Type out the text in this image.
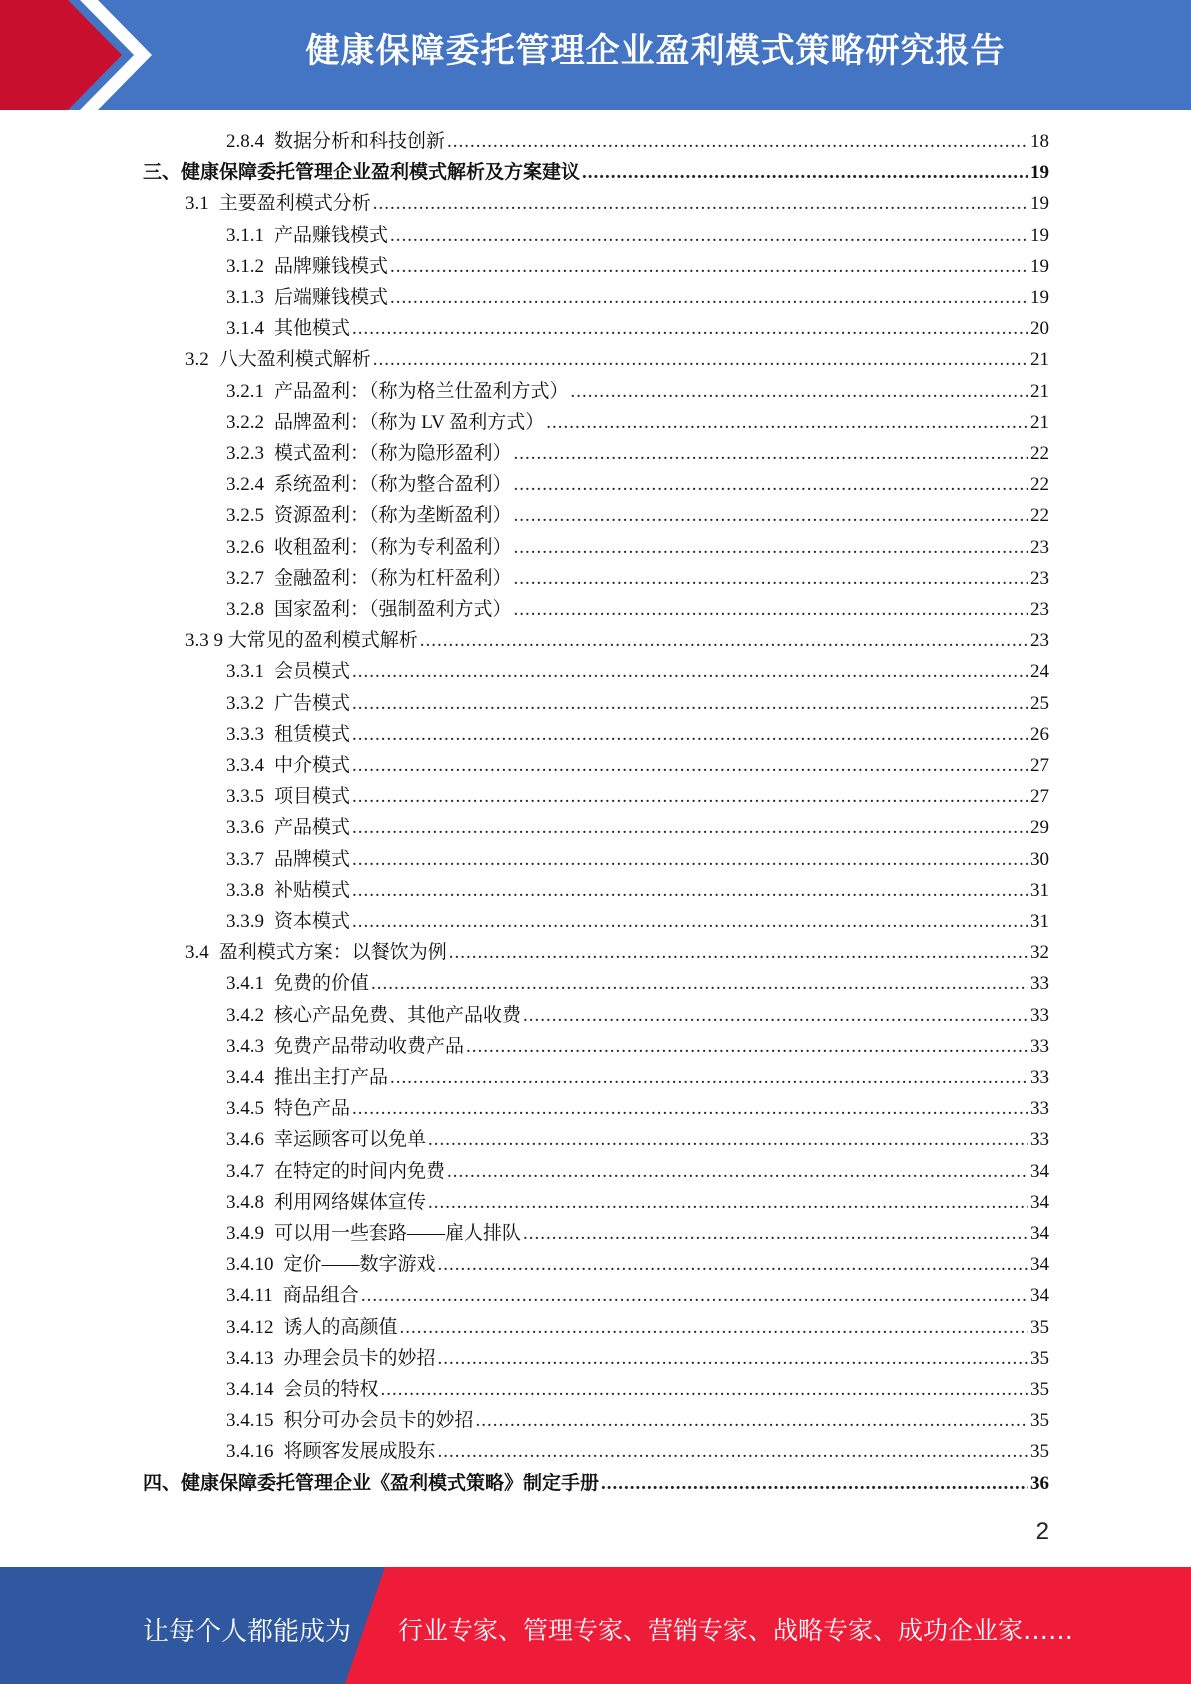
健康保障委托管理企业盈利模式策略研究报告
2.8.4 数据分析和科技创新 .....	18
三、健康保障委托管理企业盈利模式解析及方案建议 .....	19
3.1 主要盈利模式分析 .....	19
3.1.1 产品赚钱模式 .....	19
3.1.2 品牌赚钱模式 .....	19
3.1.3 后端赚钱模式 .....	19
3.1.4 其他模式 .....	20
3.2 八大盈利模式解析 .....	21
3.2.1 产品盈利：（称为格兰仕盈利方式） .....	21
3.2.2 品牌盈利：（称为 LV 盈利方式） .....	21
3.2.3 模式盈利：（称为隐形盈利） .....	22
3.2.4 系统盈利：（称为整合盈利） .....	22
3.2.5 资源盈利：（称为垄断盈利） .....	22
3.2.6 收租盈利：（称为专利盈利） .....	23
3.2.7 金融盈利：（称为杠杆盈利） .....	23
3.2.8 国家盈利：（强制盈利方式） .....	23
3.3 9 大常见的盈利模式解析 .....	23
3.3.1 会员模式 .....	24
3.3.2 广告模式 .....	25
3.3.3 租赁模式 .....	26
3.3.4 中介模式 .....	27
3.3.5 项目模式 .....	27
3.3.6 产品模式 .....	29
3.3.7 品牌模式 .....	30
3.3.8 补贴模式 .....	31
3.3.9 资本模式 .....	31
3.4 盈利模式方案：以餐饮为例 .....	32
3.4.1 免费的价值 .....	33
3.4.2 核心产品免费、其他产品收费 .....	33
3.4.3 免费产品带动收费产品 .....	33
3.4.4 推出主打产品 .....	33
3.4.5 特色产品 .....	33
3.4.6 幸运顾客可以免单 .....	33
3.4.7 在特定的时间内免费 .....	34
3.4.8 利用网络媒体宣传 .....	34
3.4.9 可以用一些套路——雇人排队 .....	34
3.4.10 定价——数字游戏 .....	34
3.4.11 商品组合 .....	34
3.4.12 诱人的高颜值 .....	35
3.4.13 办理会员卡的妙招 .....	35
3.4.14 会员的特权 .....	35
3.4.15 积分可办会员卡的妙招 .....	35
3.4.16 将顾客发展成股东 .....	35
四、健康保障委托管理企业《盈利模式策略》制定手册 .....	36
2
让每个人都能成为 行业专家、管理专家、营销专家、战略专家、成功企业家……
